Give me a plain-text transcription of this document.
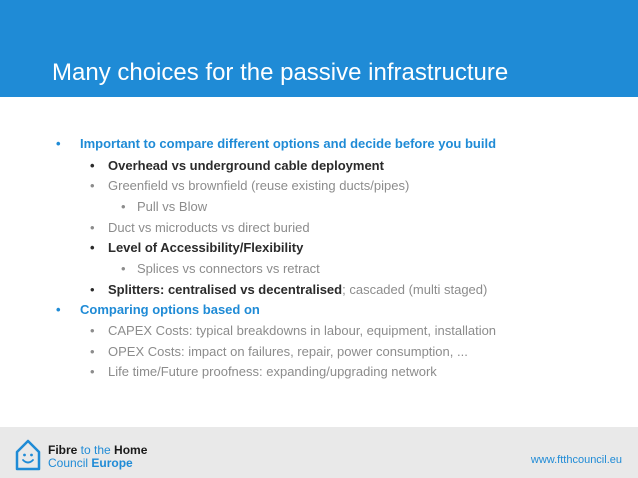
Many choices for the passive infrastructure
• Important to compare different options and decide before you build
• Overhead vs underground cable deployment
• Greenfield vs brownfield (reuse existing ducts/pipes)
• Pull vs Blow
• Duct vs microducts vs direct buried
• Level of Accessibility/Flexibility
• Splices vs connectors vs retract
• Splitters: centralised vs decentralised; cascaded (multi staged)
• Comparing options based on
• CAPEX Costs: typical breakdowns in labour, equipment, installation
• OPEX Costs: impact on failures, repair, power consumption, ...
• Life time/Future proofness: expanding/upgrading network
Fibre to the Home
Council Europe	www.ftthcouncil.eu
